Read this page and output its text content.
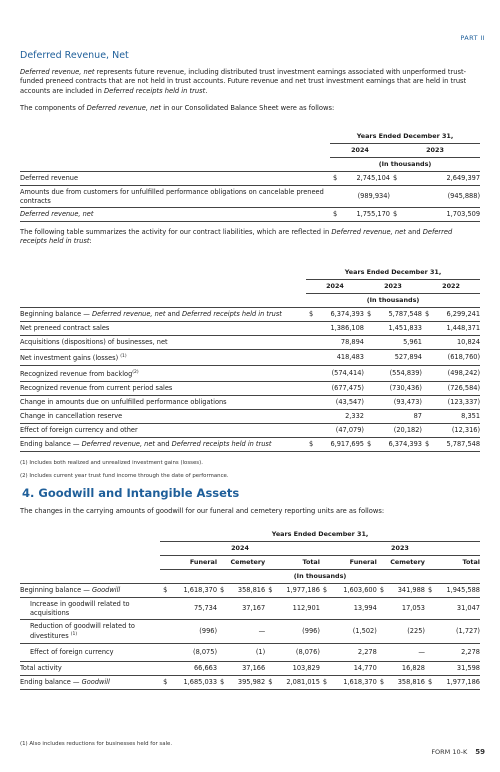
PART II
Deferred Revenue, Net

Deferred revenue, net represents future revenue, including distributed trust investment earnings associated with unperformed trust-funded preneed contracts that are not held in trust accounts. Future revenue and net trust investment earnings that are held in trust accounts are included in Deferred receipts held in trust.

The components of Deferred revenue, net in our Consolidated Balance Sheet were as follows:

	Years Ended December 31,			
	2024		2023	
	(In thousands)			
Deferred revenue	$	2,745,104	$	2,649,397
Amounts due from customers for unfulfilled performance obligations on cancelable preneed contracts		(989,934)		(945,888)
Deferred revenue, net	$	1,755,170	$	1,703,509

The following table summarizes the activity for our contract liabilities, which are reflected in Deferred revenue, net and Deferred receipts held in trust:

	Years Ended December 31,					
	2024		2023		2022	
	(In thousands)					
Beginning balance — Deferred revenue, net and Deferred receipts held in trust	$	6,374,393	$	5,787,548	$	6,299,241
Net preneed contract sales		1,386,108		1,451,833		1,448,371
Acquisitions (dispositions) of businesses, net		78,894		5,961		10,824
Net investment gains (losses) $^{(1)}$		418,483		527,894		(618,760)
Recognized revenue from backlog$^{(2)}$		(574,414)		(554,839)		(498,242)
Recognized revenue from current period sales		(677,475)		(730,436)		(726,584)
Change in amounts due on unfulfilled performance obligations		(43,547)		(93,473)		(123,337)
Change in cancellation reserve		2,332		87		8,351
Effect of foreign currency and other		(47,079)		(20,182)		(12,316)
Ending balance — Deferred revenue, net and Deferred receipts held in trust	$	6,917,695	$	6,374,393	$	5,787,548
(1) Includes both realized and unrealized investment gains (losses).
(2) Includes current year trust fund income through the date of performance.
4. Goodwill and Intangible Assets

The changes in the carrying amounts of goodwill for our funeral and cemetery reporting units are as follows:

	Years Ended December 31,											
	2024						2023					
	Funeral		Cemetery		Total		Funeral		Cemetery		Total	
	(In thousands)											
Beginning balance — Goodwill	$	1,618,370	$	358,816	$	1,977,186	$	1,603,600	$	341,988	$	1,945,588
Increase in goodwill related to acquisitions		75,734		37,167		112,901		13,994		17,053		31,047
Reduction of goodwill related to divestitures $^{(1)}$		(996)		—		(996)		(1,502)		(225)		(1,727)
Effect of foreign currency		(8,075)		(1)		(8,076)		2,278		—		2,278
Total activity		66,663		37,166		103,829		14,770		16,828		31,598
Ending balance — Goodwill	$	1,685,033	$	395,982	$	2,081,015	$	1,618,370	$	358,816	$	1,977,186
(1) Also includes reductions for businesses held for sale.
FORM 10-K 59
